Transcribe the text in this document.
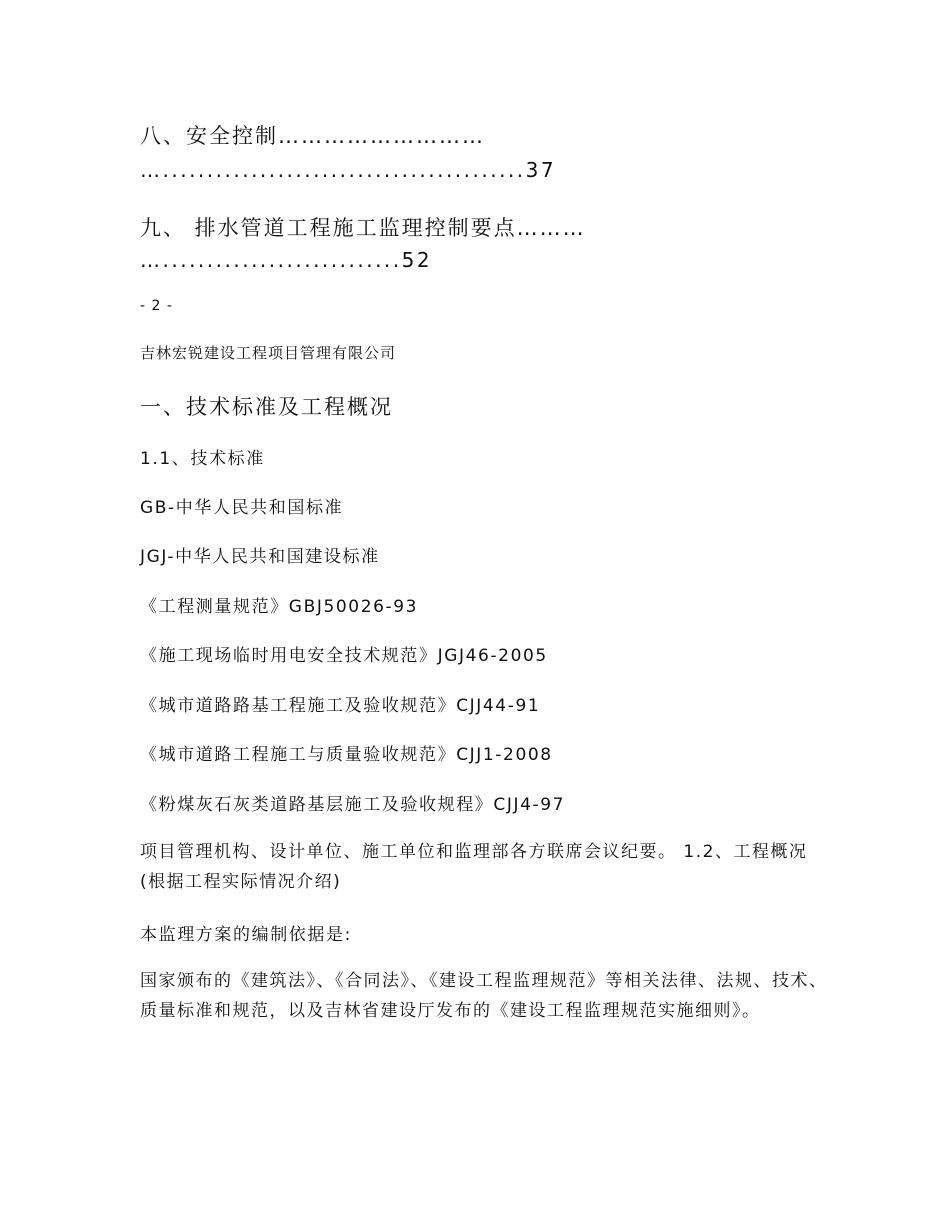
八、安全控制………………………
….........................................37
九、 排水管道工程施工监理控制要点………
…...........................52
- 2 -
吉林宏锐建设工程项目管理有限公司
一、技术标准及工程概况
1.1、技术标准
GB-中华人民共和国标准
JGJ-中华人民共和国建设标准
《工程测量规范》GBJ50026-93
《施工现场临时用电安全技术规范》JGJ46-2005
《城市道路路基工程施工及验收规范》CJJ44-91
《城市道路工程施工与质量验收规范》CJJ1-2008
《粉煤灰石灰类道路基层施工及验收规程》CJJ4-97
项目管理机构、设计单位、施工单位和监理部各方联席会议纪要。 1.2、工程概况(根据工程实际情况介绍)
本监理方案的编制依据是:
国家颁布的《建筑法》、《合同法》、《建设工程监理规范》等相关法律、法规、技术、质量标准和规范，以及吉林省建设厅发布的《建设工程监理规范实施细则》。
